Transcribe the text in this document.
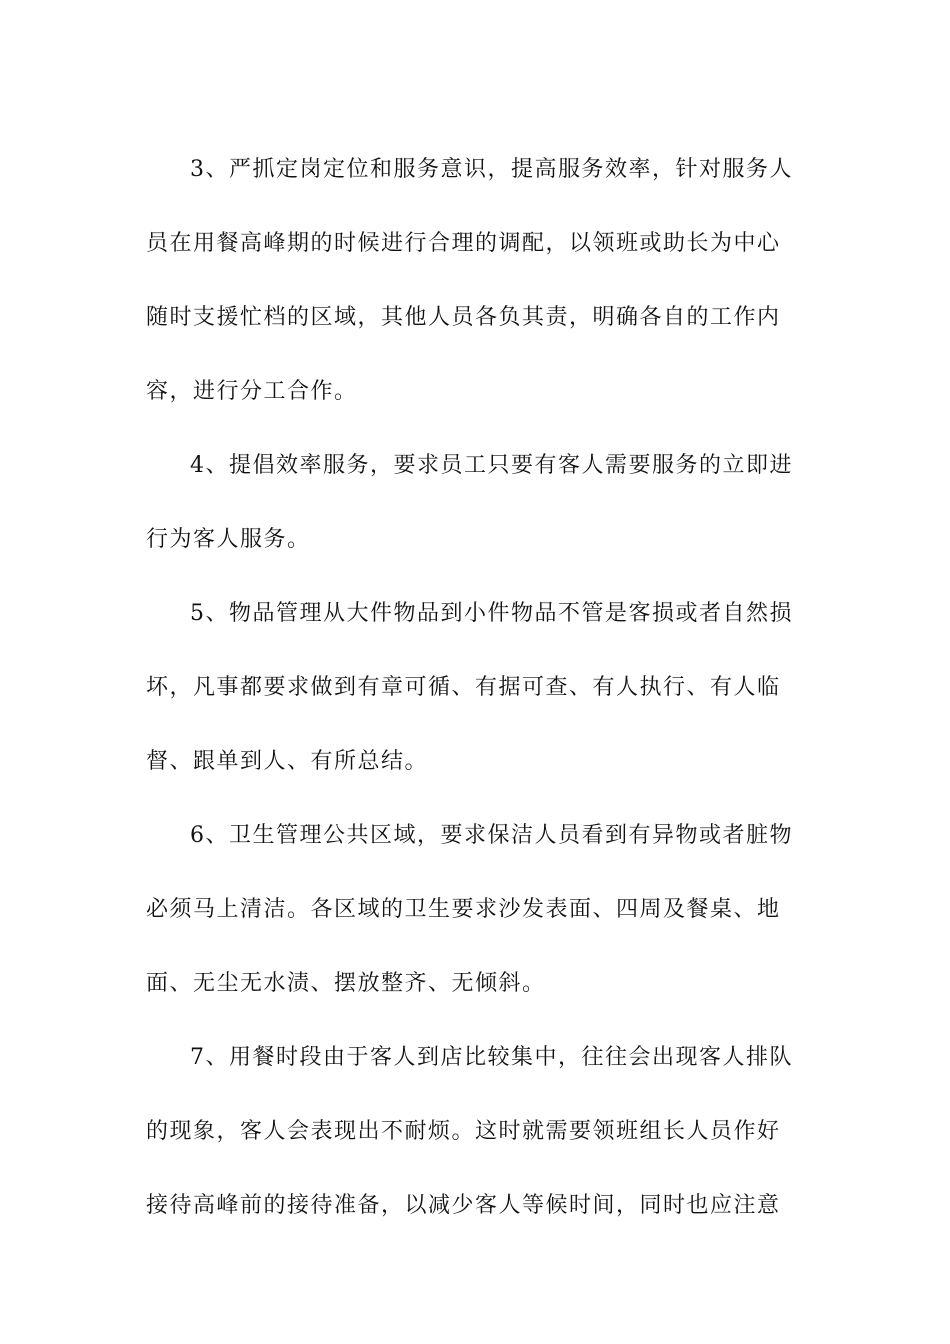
3、严抓定岗定位和服务意识，提高服务效率，针对服务人
员在用餐高峰期的时候进行合理的调配，以领班或助长为中心
随时支援忙档的区域，其他人员各负其责，明确各自的工作内
容，进行分工合作。

4、提倡效率服务，要求员工只要有客人需要服务的立即进
行为客人服务。

5、物品管理从大件物品到小件物品不管是客损或者自然损
坏，凡事都要求做到有章可循、有据可查、有人执行、有人临
督、跟单到人、有所总结。

6、卫生管理公共区域，要求保洁人员看到有异物或者脏物
必须马上清洁。各区域的卫生要求沙发表面、四周及餐桌、地
面、无尘无水渍、摆放整齐、无倾斜。

7、用餐时段由于客人到店比较集中，往往会出现客人排队
的现象，客人会表现出不耐烦。这时就需要领班组长人员作好
接待高峰前的接待准备，以减少客人等候时间，同时也应注意
